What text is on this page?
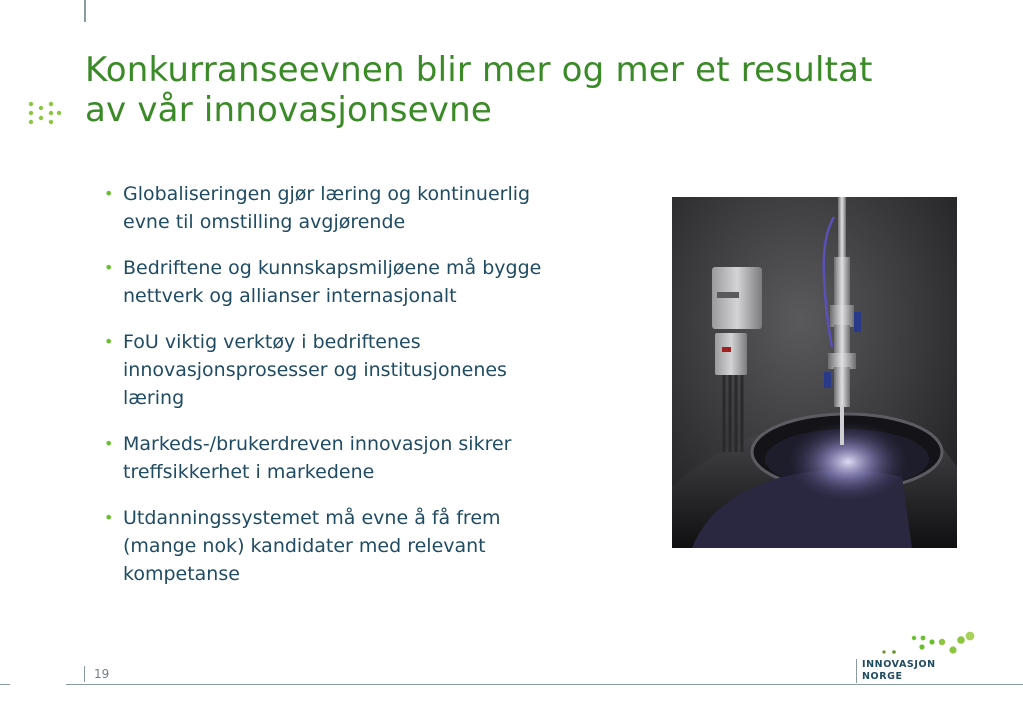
Konkurranseevnen blir mer og mer et resultat
av vår innovasjonsevne
• Globaliseringen gjør læring og kontinuerlig
evne til omstilling avgjørende
• Bedriftene og kunnskapsmiljøene må bygge
nettverk og allianser internasjonalt
• FoU viktig verktøy i bedriftenes
innovasjonsprosesser og institusjonenes
læring
• Markeds-/brukerdreven innovasjon sikrer
treffsikkerhet i markedene
• Utdanningssystemet må evne å få frem
(mange nok) kandidater med relevant
kompetanse
19
INNOVASJON
NORGE
